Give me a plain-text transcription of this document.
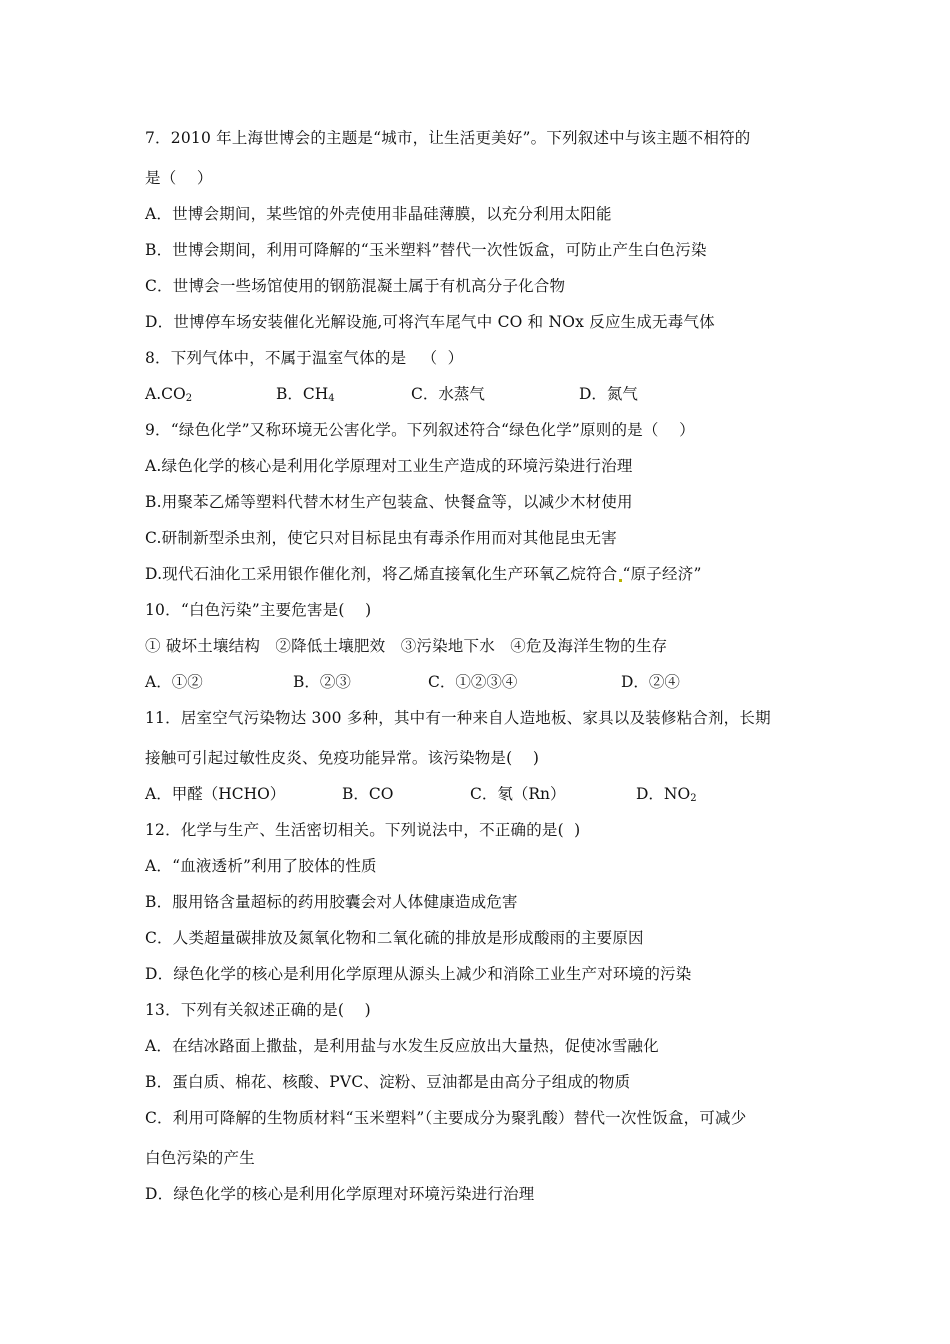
7．2010 年上海世博会的主题是“城市，让生活更美好”。下列叙述中与该主题不相符的
是（    ）
A．世博会期间，某些馆的外壳使用非晶硅薄膜，以充分利用太阳能
B．世博会期间，利用可降解的“玉米塑料”替代一次性饭盒，可防止产生白色污染
C．世博会一些场馆使用的钢筋混凝土属于有机高分子化合物
D．世博停车场安装催化光解设施,可将汽车尾气中 CO 和 NOx 反应生成无毒气体
8．下列气体中，不属于温室气体的是   （  ）

$A.CO_2$

	B．$CH_4$

	C．水蒸气

	D．氮气

9．“绿色化学”又称环境无公害化学。下列叙述符合“绿色化学”原则的是（    ）
A.绿色化学的核心是利用化学原理对工业生产造成的环境污染进行治理
B.用聚苯乙烯等塑料代替木材生产包装盒、快餐盒等，以减少木材使用
C.研制新型杀虫剂，使它只对目标昆虫有毒杀作用而对其他昆虫无害
D.现代石油化工采用银作催化剂，将乙烯直接氧化生产环氧乙烷符合 “原子经济”
10．“白色污染”主要危害是(    )
① 破坏土壤结构   ②降低土壤肥效   ③污染地下水   ④危及海洋生物的生存

A．①②

	B．②③

	C．①②③④

	D．②④

11．居室空气污染物达 300 多种，其中有一种来自人造地板、家具以及装修粘合剂，长期
接触可引起过敏性皮炎、免疫功能异常。该污染物是(    )

A．甲醛（HCHO）

	B．CO

	C．氡（Rn）

	D．$NO_2$

12．化学与生产、生活密切相关。下列说法中，不正确的是(  )
A．“血液透析”利用了胶体的性质
B．服用铬含量超标的药用胶囊会对人体健康造成危害
C．人类超量碳排放及氮氧化物和二氧化硫的排放是形成酸雨的主要原因
D．绿色化学的核心是利用化学原理从源头上减少和消除工业生产对环境的污染
13．下列有关叙述正确的是(    )
A．在结冰路面上撒盐，是利用盐与水发生反应放出大量热，促使冰雪融化
B．蛋白质、棉花、核酸、PVC、淀粉、豆油都是由高分子组成的物质
C．利用可降解的生物质材料“玉米塑料”（主要成分为聚乳酸）替代一次性饭盒，可减少
白色污染的产生
D．绿色化学的核心是利用化学原理对环境污染进行治理
